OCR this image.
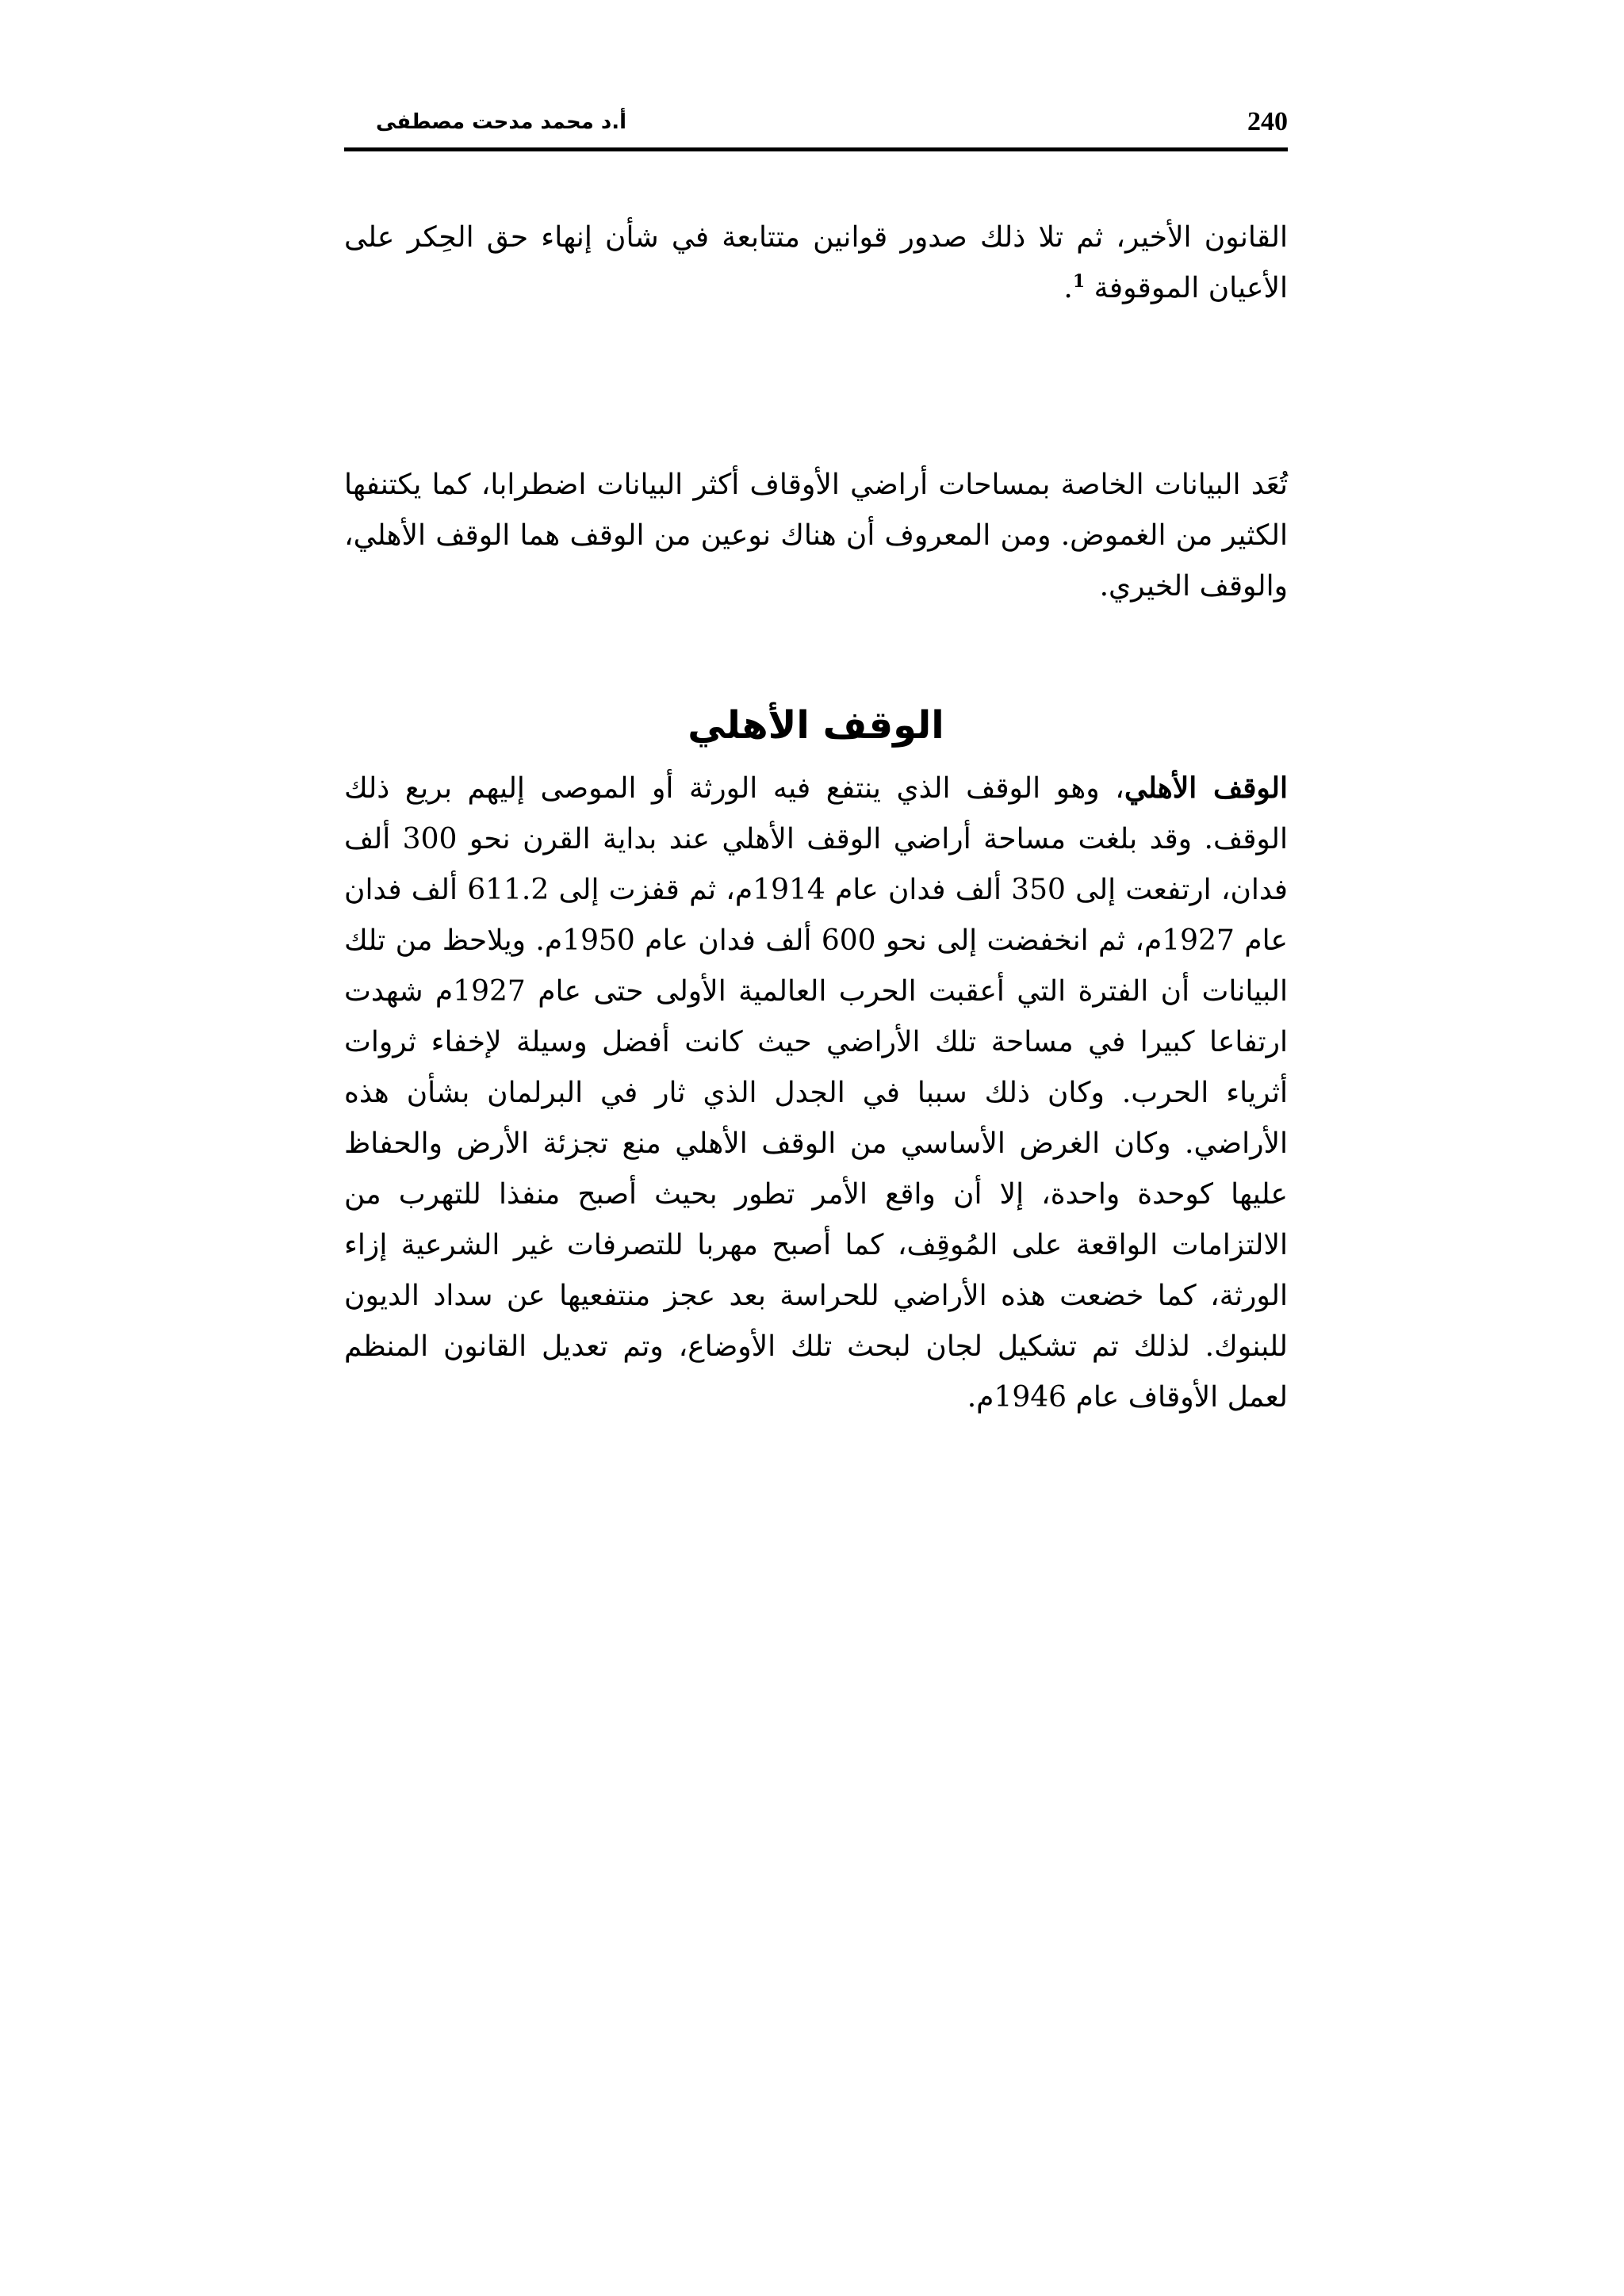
240
أ.د محمد مدحت مصطفى

القانون الأخير، ثم تلا ذلك صدور قوانين متتابعة في شأن إنهاء حق الحِكر على الأعيان الموقوفة $^1$.

تُعَد البيانات الخاصة بمساحات أراضي الأوقاف أكثر البيانات اضطرابا، كما يكتنفها الكثير من الغموض. ومن المعروف أن هناك نوعين من الوقف هما الوقف الأهلي، والوقف الخيري.

الوقف الأهلي

الوقف الأهلي، وهو الوقف الذي ينتفع فيه الورثة أو الموصى إليهم بريع ذلك الوقف. وقد بلغت مساحة أراضي الوقف الأهلي عند بداية القرن نحو 300 ألف فدان، ارتفعت إلى 350 ألف فدان عام 1914م، ثم قفزت إلى 611.2 ألف فدان عام 1927م، ثم انخفضت إلى نحو 600 ألف فدان عام 1950م. ويلاحظ من تلك البيانات أن الفترة التي أعقبت الحرب العالمية الأولى حتى عام 1927م شهدت ارتفاعا كبيرا في مساحة تلك الأراضي حيث كانت أفضل وسيلة لإخفاء ثروات أثرياء الحرب. وكان ذلك سببا في الجدل الذي ثار في البرلمان بشأن هذه الأراضي. وكان الغرض الأساسي من الوقف الأهلي منع تجزئة الأرض والحفاظ عليها كوحدة واحدة، إلا أن واقع الأمر تطور بحيث أصبح منفذا للتهرب من الالتزامات الواقعة على المُوقِف، كما أصبح مهربا للتصرفات غير الشرعية إزاء الورثة، كما خضعت هذه الأراضي للحراسة بعد عجز منتفعيها عن سداد الديون للبنوك. لذلك تم تشكيل لجان لبحث تلك الأوضاع، وتم تعديل القانون المنظم لعمل الأوقاف عام 1946م.
